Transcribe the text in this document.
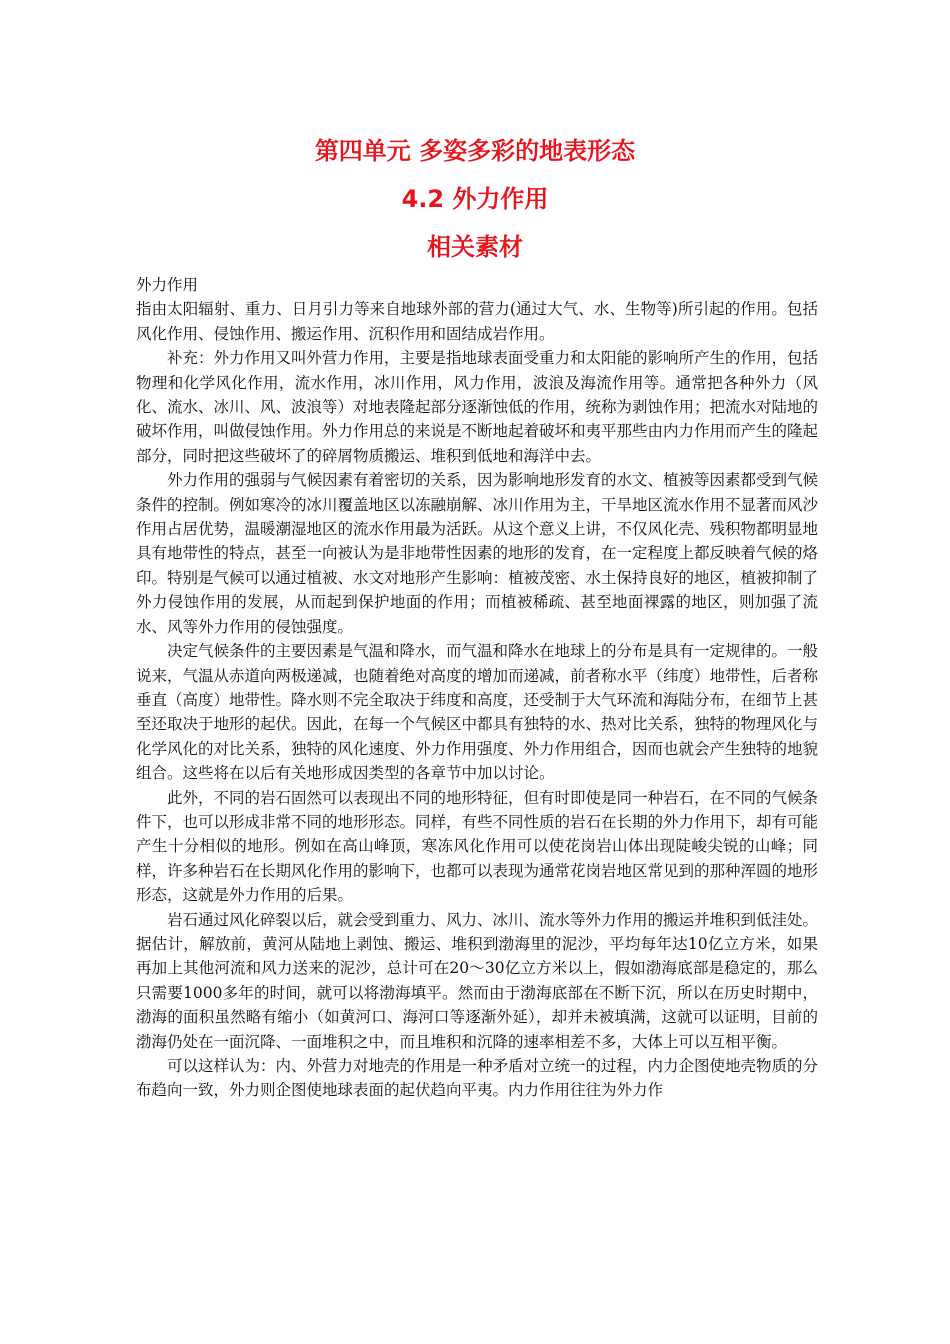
第四单元 多姿多彩的地表形态
4.2 外力作用
相关素材

外力作用

指由太阳辐射、重力、日月引力等来自地球外部的营力(通过大气、水、生物等)所引起的作用。包括风化作用、侵蚀作用、搬运作用、沉积作用和固结成岩作用。

补充：外力作用又叫外营力作用，主要是指地球表面受重力和太阳能的影响所产生的作用，包括物理和化学风化作用，流水作用，冰川作用，风力作用，波浪及海流作用等。通常把各种外力（风化、流水、冰川、风、波浪等）对地表隆起部分逐渐蚀低的作用，统称为剥蚀作用；把流水对陆地的破坏作用，叫做侵蚀作用。外力作用总的来说是不断地起着破坏和夷平那些由内力作用而产生的隆起部分，同时把这些破坏了的碎屑物质搬运、堆积到低地和海洋中去。

外力作用的强弱与气候因素有着密切的关系，因为影响地形发育的水文、植被等因素都受到气候条件的控制。例如寒冷的冰川覆盖地区以冻融崩解、冰川作用为主，干旱地区流水作用不显著而风沙作用占居优势，温暖潮湿地区的流水作用最为活跃。从这个意义上讲，不仅风化壳、残积物都明显地具有地带性的特点，甚至一向被认为是非地带性因素的地形的发育，在一定程度上都反映着气候的烙印。特别是气候可以通过植被、水文对地形产生影响：植被茂密、水土保持良好的地区，植被抑制了外力侵蚀作用的发展，从而起到保护地面的作用；而植被稀疏、甚至地面裸露的地区，则加强了流水、风等外力作用的侵蚀强度。

决定气候条件的主要因素是气温和降水，而气温和降水在地球上的分布是具有一定规律的。一般说来，气温从赤道向两极递减，也随着绝对高度的增加而递减，前者称水平（纬度）地带性，后者称垂直（高度）地带性。降水则不完全取决于纬度和高度，还受制于大气环流和海陆分布，在细节上甚至还取决于地形的起伏。因此，在每一个气候区中都具有独特的水、热对比关系，独特的物理风化与化学风化的对比关系，独特的风化速度、外力作用强度、外力作用组合，因而也就会产生独特的地貌组合。这些将在以后有关地形成因类型的各章节中加以讨论。

此外，不同的岩石固然可以表现出不同的地形特征，但有时即使是同一种岩石，在不同的气候条件下，也可以形成非常不同的地形形态。同样，有些不同性质的岩石在长期的外力作用下，却有可能产生十分相似的地形。例如在高山峰顶，寒冻风化作用可以使花岗岩山体出现陡峻尖锐的山峰；同样，许多种岩石在长期风化作用的影响下，也都可以表现为通常花岗岩地区常见到的那种浑圆的地形形态，这就是外力作用的后果。

岩石通过风化碎裂以后，就会受到重力、风力、冰川、流水等外力作用的搬运并堆积到低洼处。据估计，解放前，黄河从陆地上剥蚀、搬运、堆积到渤海里的泥沙，平均每年达10亿立方米，如果再加上其他河流和风力送来的泥沙，总计可在20～30亿立方米以上，假如渤海底部是稳定的，那么只需要1000多年的时间，就可以将渤海填平。然而由于渤海底部在不断下沉，所以在历史时期中，渤海的面积虽然略有缩小（如黄河口、海河口等逐渐外延），却并未被填满，这就可以证明，目前的渤海仍处在一面沉降、一面堆积之中，而且堆积和沉降的速率相差不多，大体上可以互相平衡。

可以这样认为：内、外营力对地壳的作用是一种矛盾对立统一的过程，内力企图使地壳物质的分布趋向一致，外力则企图使地球表面的起伏趋向平夷。内力作用往往为外力作
